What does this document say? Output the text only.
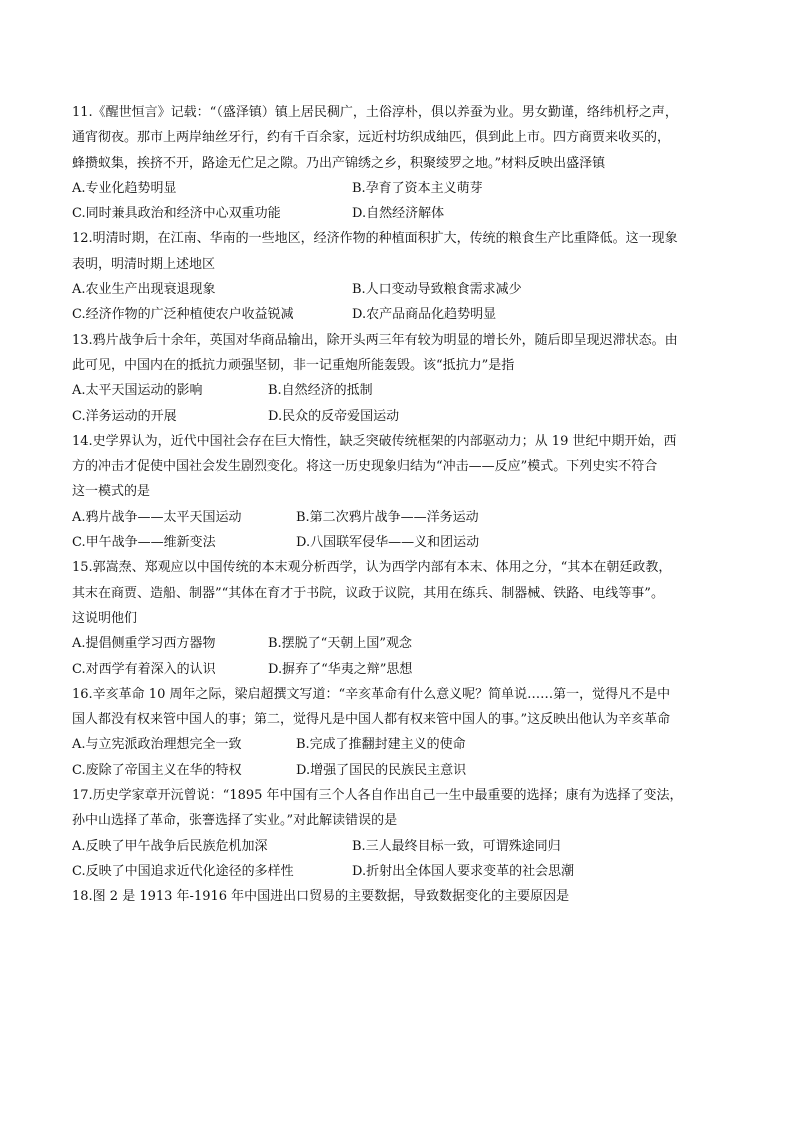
11.《醒世恒言》记载：“（盛泽镇）镇上居民稠广，土俗淳朴，俱以养蚕为业。男女勤谨，络纬机杼之声，
通宵彻夜。那市上两岸䌷丝牙行，约有千百余家，远近村坊织成䌷匹，俱到此上市。四方商贾来收买的，
蜂攒蚁集，挨挤不开，路途无伫足之隙。乃出产锦绣之乡，积聚绫罗之地。”材料反映出盛泽镇
A.专业化趋势明显	B.孕育了资本主义萌芽
C.同时兼具政治和经济中心双重功能	D.自然经济解体
12.明清时期，在江南、华南的一些地区，经济作物的种植面积扩大，传统的粮食生产比重降低。这一现象
表明，明清时期上述地区
A.农业生产出现衰退现象	B.人口变动导致粮食需求减少
C.经济作物的广泛种植使农户收益锐减	D.农产品商品化趋势明显
13.鸦片战争后十余年，英国对华商品输出，除开头两三年有较为明显的增长外，随后即呈现迟滞状态。由
此可见，中国内在的抵抗力顽强坚韧，非一记重炮所能轰毁。该“抵抗力”是指
A.太平天国运动的影响	B.自然经济的抵制
C.洋务运动的开展	D.民众的反帝爱国运动
14.史学界认为，近代中国社会存在巨大惰性，缺乏突破传统框架的内部驱动力；从 19 世纪中期开始，西
方的冲击才促使中国社会发生剧烈变化。将这一历史现象归结为“冲击——反应”模式。下列史实不符合
这一模式的是
A.鸦片战争——太平天国运动	B.第二次鸦片战争——洋务运动
C.甲午战争——维新变法	D.八国联军侵华——义和团运动
15.郭嵩焘、郑观应以中国传统的本末观分析西学，认为西学内部有本末、体用之分，“其本在朝廷政教，
其末在商贾、造船、制器”“其体在育才于书院，议政于议院，其用在练兵、制器械、铁路、电线等事”。
这说明他们
A.提倡侧重学习西方器物	B.摆脱了“天朝上国”观念
C.对西学有着深入的认识	D.摒弃了“华夷之辩”思想
16.辛亥革命 10 周年之际，梁启超撰文写道：“辛亥革命有什么意义呢？简单说……第一，觉得凡不是中
国人都没有权来管中国人的事；第二，觉得凡是中国人都有权来管中国人的事。”这反映出他认为辛亥革命
A.与立宪派政治理想完全一致	B.完成了推翻封建主义的使命
C.废除了帝国主义在华的特权	D.增强了国民的民族民主意识
17.历史学家章开沅曾说：“1895 年中国有三个人各自作出自己一生中最重要的选择；康有为选择了变法，
孙中山选择了革命，张謇选择了实业。”对此解读错误的是
A.反映了甲午战争后民族危机加深	B.三人最终目标一致，可谓殊途同归
C.反映了中国追求近代化途径的多样性	D.折射出全体国人要求变革的社会思潮
18.图 2 是 1913 年-1916 年中国进出口贸易的主要数据，导致数据变化的主要原因是
